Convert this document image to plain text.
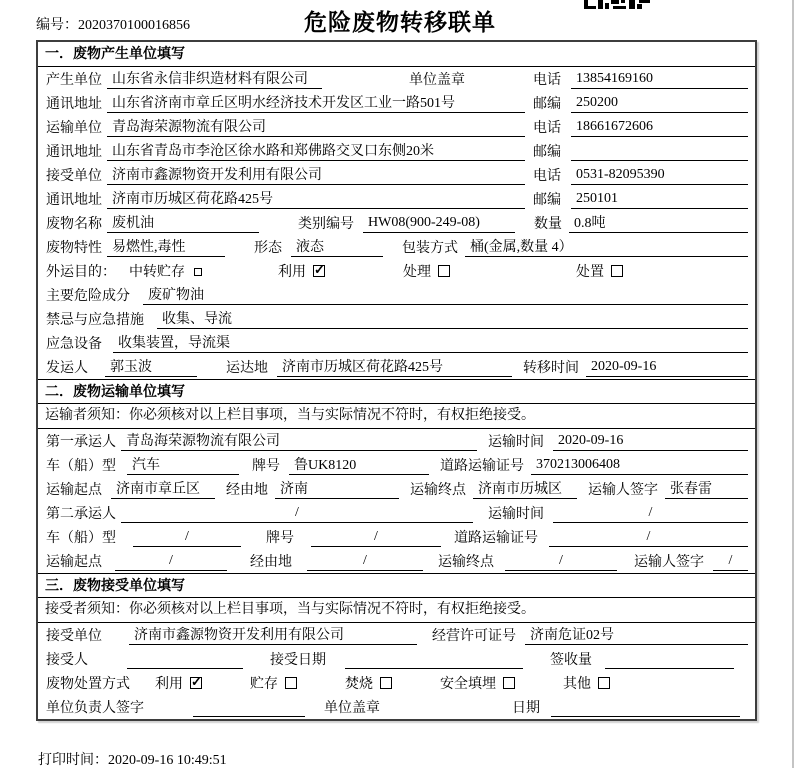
编号：2020370100016856	危险废物转移联单
一．废物产生单位填写
产生单位 山东省永信非织造材料有限公司	单位盖章	电话	13854169160
通讯地址 山东省济南市章丘区明水经济技术开发区工业一路501号	邮编	250200
运输单位 青岛海荣源物流有限公司	电话	18661672606
通讯地址 山东省青岛市李沧区徐水路和郑佛路交叉口东侧20米	邮编
接受单位 济南市鑫源物资开发利用有限公司	电话	0531-82095390
通讯地址 济南市历城区荷花路425号	邮编	250101
废物名称 废机油	类别编号	HW08(900-249-08)	数量 0.8吨
废物特性 易燃性,毒性	形态	液态	包装方式 桶(金属,数量 4）
外运目的： 中转贮存	利用 ✓	处理	处置
主要危险成分	废矿物油
禁忌与应急措施	收集、导流
应急设备	收集装置，导流渠
发运人	郭玉波	运达地	济南市历城区荷花路425号	转移时间 2020-09-16
二．废物运输单位填写
运输者须知：你必须核对以上栏目事项，当与实际情况不符时，有权拒绝接受。
第一承运人 青岛海荣源物流有限公司	运输时间	2020-09-16
车（船）型	汽车	牌号	鲁UK8120	道路运输证号 370213006408
运输起点	济南市章丘区	经由地 济南	运输终点 济南市历城区	运输人签字 张春雷
第二承运人	/	运输时间	/
车（船）型	/	牌号	/	道路运输证号	/
运输起点	/	经由地	/	运输终点	/	运输人签字	/
三．废物接受单位填写
接受者须知：你必须核对以上栏目事项，当与实际情况不符时，有权拒绝接受。
接受单位	济南市鑫源物资开发利用有限公司	经营许可证号	济南危证02号
接受人	接受日期	签收量
废物处置方式 利用 ✓	贮存	焚烧	安全填埋	其他
单位负责人签字	单位盖章	日期
打印时间：2020-09-16 10:49:51
